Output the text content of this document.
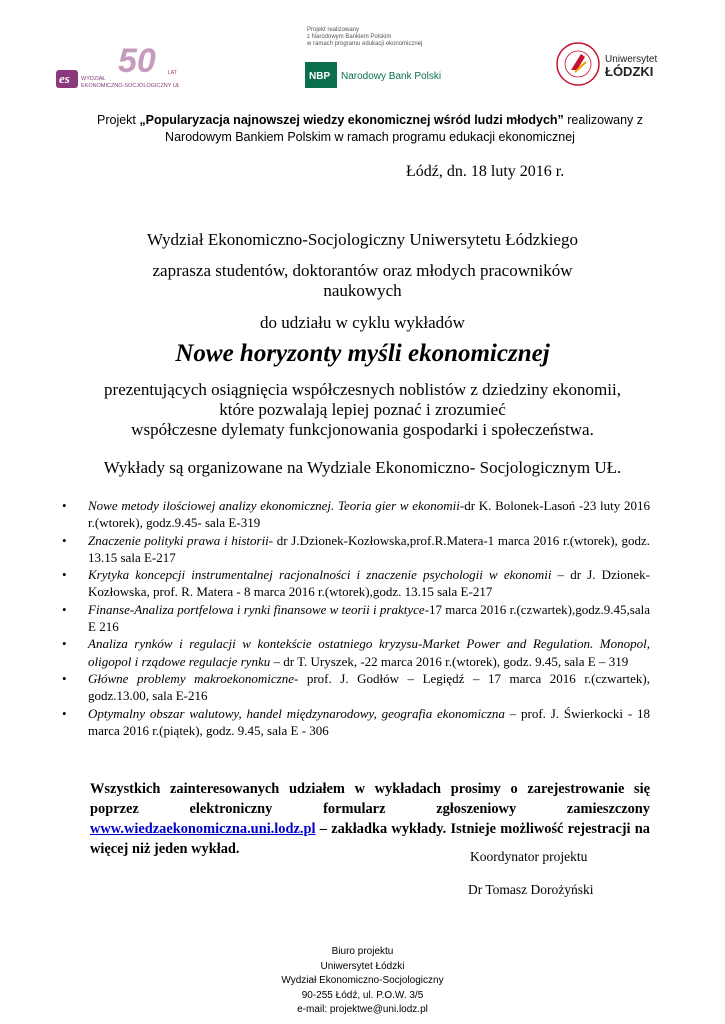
es 50 LAT
WYDZIAŁ
EKONOMICZNO-SOCJOLOGICZNY UŁ
Projekt realizowany
z Narodowym Bankiem Polskim
w ramach programu edukacji ekonomicznej
NBP Narodowy Bank Polski
Uniwersytet
ŁÓDZKI
Projekt „Popularyzacja najnowszej wiedzy ekonomicznej wśród ludzi młodych” realizowany z Narodowym Bankiem Polskim w ramach programu edukacji ekonomicznej
Łódź, dn. 18 luty 2016 r.
Wydział Ekonomiczno-Socjologiczny Uniwersytetu Łódzkiego
zaprasza studentów, doktorantów oraz młodych pracowników naukowych
do udziału w cyklu wykładów
Nowe horyzonty myśli ekonomicznej
prezentujących osiągnięcia współczesnych noblistów z dziedziny ekonomii,
które pozwalają lepiej poznać i zrozumieć
współczesne dylematy funkcjonowania gospodarki i społeczeństwa.
Wykłady są organizowane na Wydziale Ekonomiczno- Socjologicznym UŁ.
• Nowe metody ilościowej analizy ekonomicznej. Teoria gier w ekonomii-dr K. Bolonek-Lasoń -23 luty 2016 r.(wtorek), godz.9.45- sala E-319
• Znaczenie polityki prawa i historii- dr J.Dzionek-Kozłowska,prof.R.Matera-1 marca 2016 r.(wtorek), godz. 13.15 sala E-217
• Krytyka koncepcji instrumentalnej racjonalności i znaczenie psychologii w ekonomii – dr J. Dzionek-Kozłowska, prof. R. Matera - 8 marca 2016 r.(wtorek),godz. 13.15 sala E-217
• Finanse-Analiza portfelowa i rynki finansowe w teorii i praktyce-17 marca 2016 r.(czwartek),godz.9.45,sala E 216
• Analiza rynków i regulacji w kontekście ostatniego kryzysu-Market Power and Regulation. Monopol, oligopol i rządowe regulacje rynku – dr T. Uryszek, -22 marca 2016 r.(wtorek), godz. 9.45, sala E – 319
• Główne problemy makroekonomiczne- prof. J. Godłów – Legiędź – 17 marca 2016 r.(czwartek), godz.13.00, sala E-216
• Optymalny obszar walutowy, handel międzynarodowy, geografia ekonomiczna – prof. J. Świerkocki - 18 marca 2016 r.(piątek), godz. 9.45, sala E - 306
Wszystkich zainteresowanych udziałem w wykładach prosimy o zarejestrowanie się poprzez elektroniczny formularz zgłoszeniowy zamieszczony www.wiedzaekonomiczna.uni.lodz.pl – zakładka wykłady. Istnieje możliwość rejestracji na więcej niż jeden wykład.	Koordynator projektu
Dr Tomasz Dorożyński
Biuro projektu
Uniwersytet Łódzki
Wydział Ekonomiczno-Socjologiczny
90-255 Łódź, ul. P.O.W. 3/5
e-mail: projektwe@uni.lodz.pl
